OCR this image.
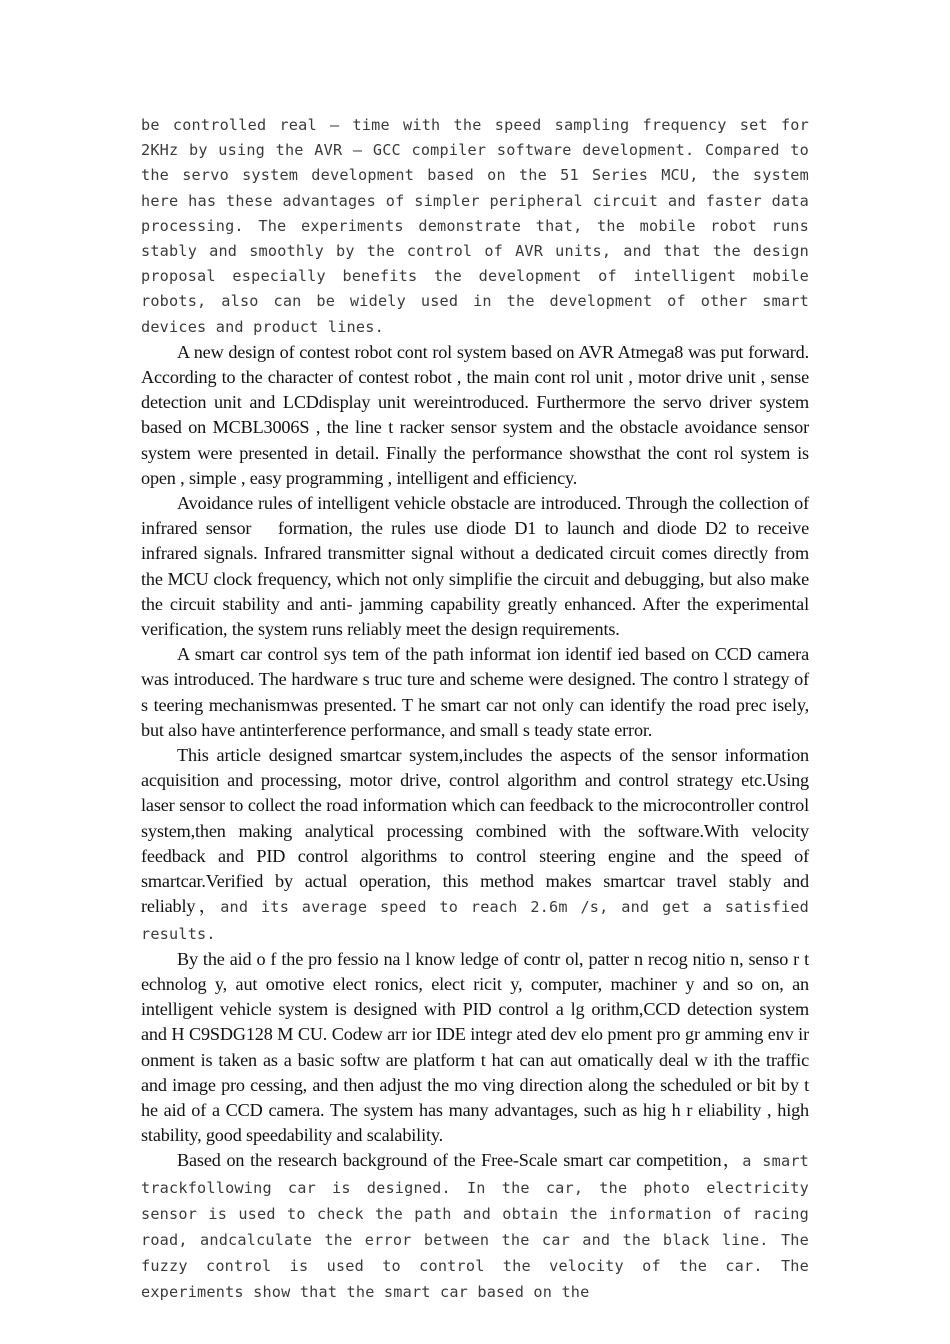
be controlled real — time with the speed sampling frequency set for 2KHz by using the AVR — GCC compiler software development. Compared to the servo system development based on the 51 Series MCU, the system here has these advantages of simpler peripheral circuit and faster data processing. The experiments demonstrate that, the mobile robot runs stably and smoothly by the control of AVR units, and that the design proposal especially benefits the development of intelligent mobile robots, also can be widely used in the development of other smart devices and product lines.

A new design of contest robot cont rol system based on AVR Atmega8 was put forward. According to the character of contest robot , the main cont rol unit , motor drive unit , sense detection unit and LCDdisplay unit wereintroduced. Furthermore the servo driver system based on MCBL3006S , the line t racker sensor system and the obstacle avoidance sensor system were presented in detail. Finally the performance showsthat the cont rol system is open , simple , easy programming , intelligent and efficiency.

Avoidance rules of intelligent vehicle obstacle are introduced. Through the collection of infrared sensor formation, the rules use diode D1 to launch and diode D2 to receive infrared signals. Infrared transmitter signal without a dedicated circuit comes directly from the MCU clock frequency, which not only simplifie the circuit and debugging, but also make the circuit stability and anti- jamming capability greatly enhanced. After the experimental verification, the system runs reliably meet the design requirements.

A smart car control sys tem of the path informat ion identif ied based on CCD camera was introduced. The hardware s truc ture and scheme were designed. The contro l strategy of s teering mechanismwas presented. T he smart car not only can identify the road prec isely, but also have antinterference performance, and small s teady state error.

This article designed smartcar system,includes the aspects of the sensor information acquisition and processing, motor drive, control algorithm and control strategy etc.Using laser sensor to collect the road information which can feedback to the microcontroller control system,then making analytical processing combined with the software.With velocity feedback and PID control algorithms to control steering engine and the speed of smartcar.Verified by actual operation, this method makes smartcar travel stably and reliably，and its average speed to reach 2.6m /s, and get a satisfied results.

By the aid o f the pro fessio na l know ledge of contr ol, patter n recog nitio n, senso r t echnolog y, aut omotive elect ronics, elect ricit y, computer, machiner y and so on, an intelligent vehicle system is designed with PID control a lg orithm,CCD detection system and H C9SDG128 M CU. Codew arr ior IDE integr ated dev elo pment pro gr amming env ir onment is taken as a basic softw are platform t hat can aut omatically deal w ith the traffic and image pro cessing, and then adjust the mo ving direction along the scheduled or bit by t he aid of a CCD camera. The system has many advantages, such as hig h r eliability , high stability, good speedability and scalability.

Based on the research background of the Free-Scale smart car competition，a smart trackfollowing car is designed. In the car, the photo electricity sensor is used to check the path and obtain the information of racing road, andcalculate the error between the car and the black line. The fuzzy control is used to control the velocity of the car. The experiments show that the smart car based on the
